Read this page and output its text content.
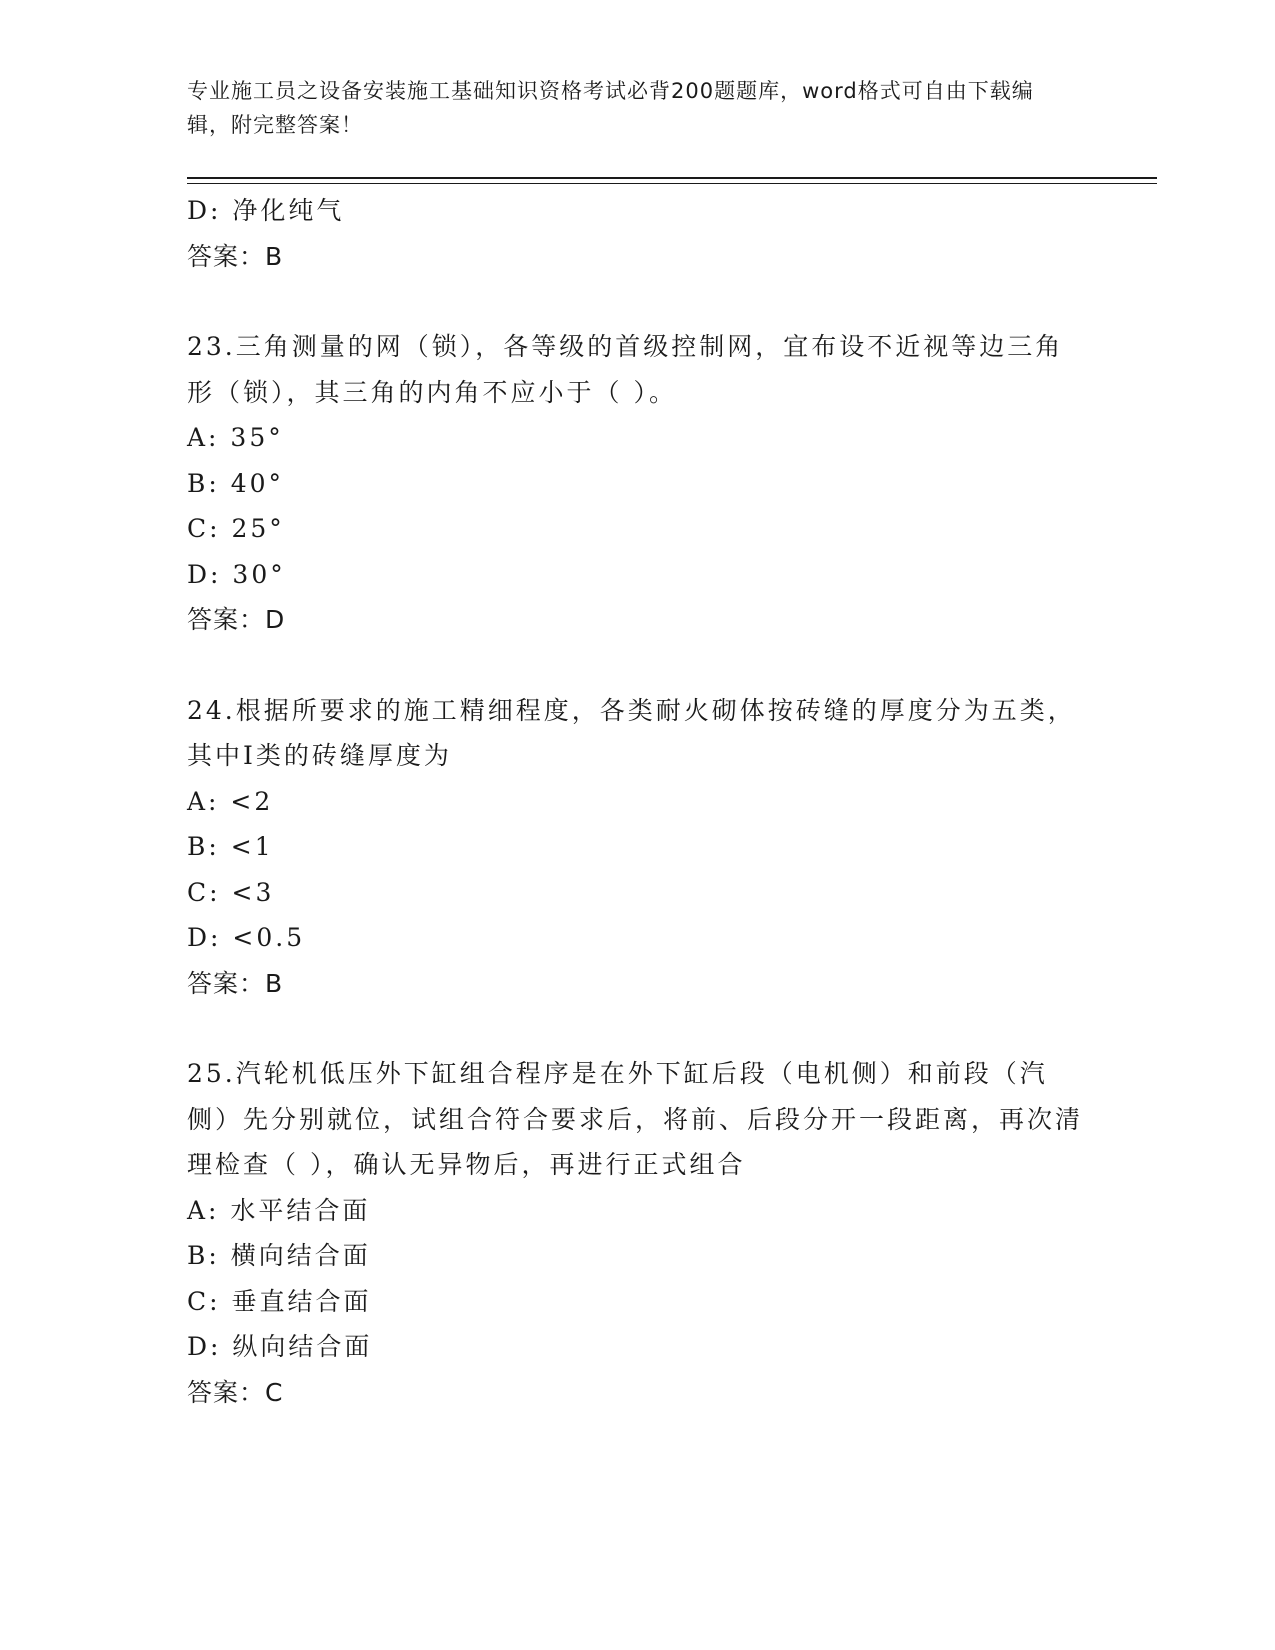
专业施工员之设备安装施工基础知识资格考试必背200题题库，word格式可自由下载编辑，附完整答案！
D: 净化纯气
答案：B
23.三角测量的网（锁），各等级的首级控制网，宜布设不近视等边三角形（锁），其三角的内角不应小于（ ）。
A: 35°
B: 40°
C: 25°
D: 30°
答案：D
24.根据所要求的施工精细程度，各类耐火砌体按砖缝的厚度分为五类，其中Ⅰ类的砖缝厚度为
A: <2
B: <1
C: <3
D: <0.5
答案：B
25.汽轮机低压外下缸组合程序是在外下缸后段（电机侧）和前段（汽侧）先分别就位，试组合符合要求后，将前、后段分开一段距离，再次清理检查（ ），确认无异物后，再进行正式组合
A: 水平结合面
B: 横向结合面
C: 垂直结合面
D: 纵向结合面
答案：C
